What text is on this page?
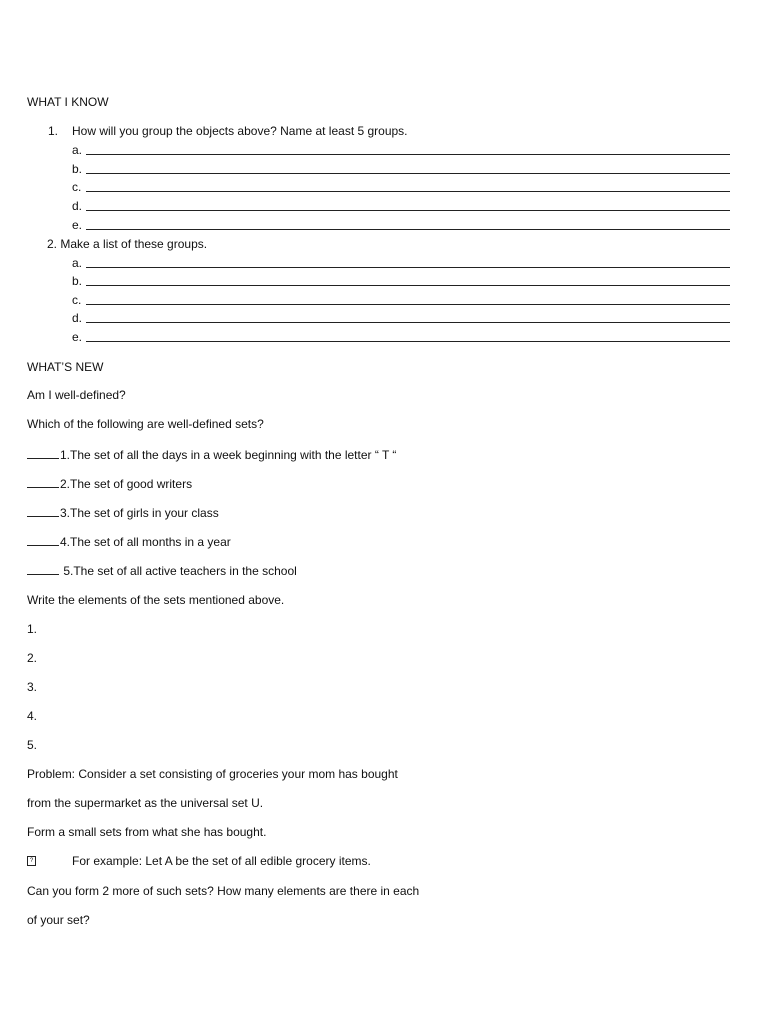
WHAT I KNOW
1. How will you group the objects above? Name at least 5 groups.
a.
b.
c.
d.
e.
2. Make a list of these groups.
a.
b.
c.
d.
e.
WHAT’S NEW
Am I well-defined?
Which of the following are well-defined sets?
1.The set of all the days in a week beginning with the letter “ T “
2.The set of good writers
3.The set of girls in your class
4.The set of all months in a year
5.The set of all active teachers in the school
Write the elements of the sets mentioned above.
1.
2.
3.
4.
5.
Problem: Consider a set consisting of groceries your mom has bought
from the supermarket as the universal set U.
Form a small sets from what she has bought.
?	For example: Let A be the set of all edible grocery items.
Can you form 2 more of such sets? How many elements are there in each
of your set?
